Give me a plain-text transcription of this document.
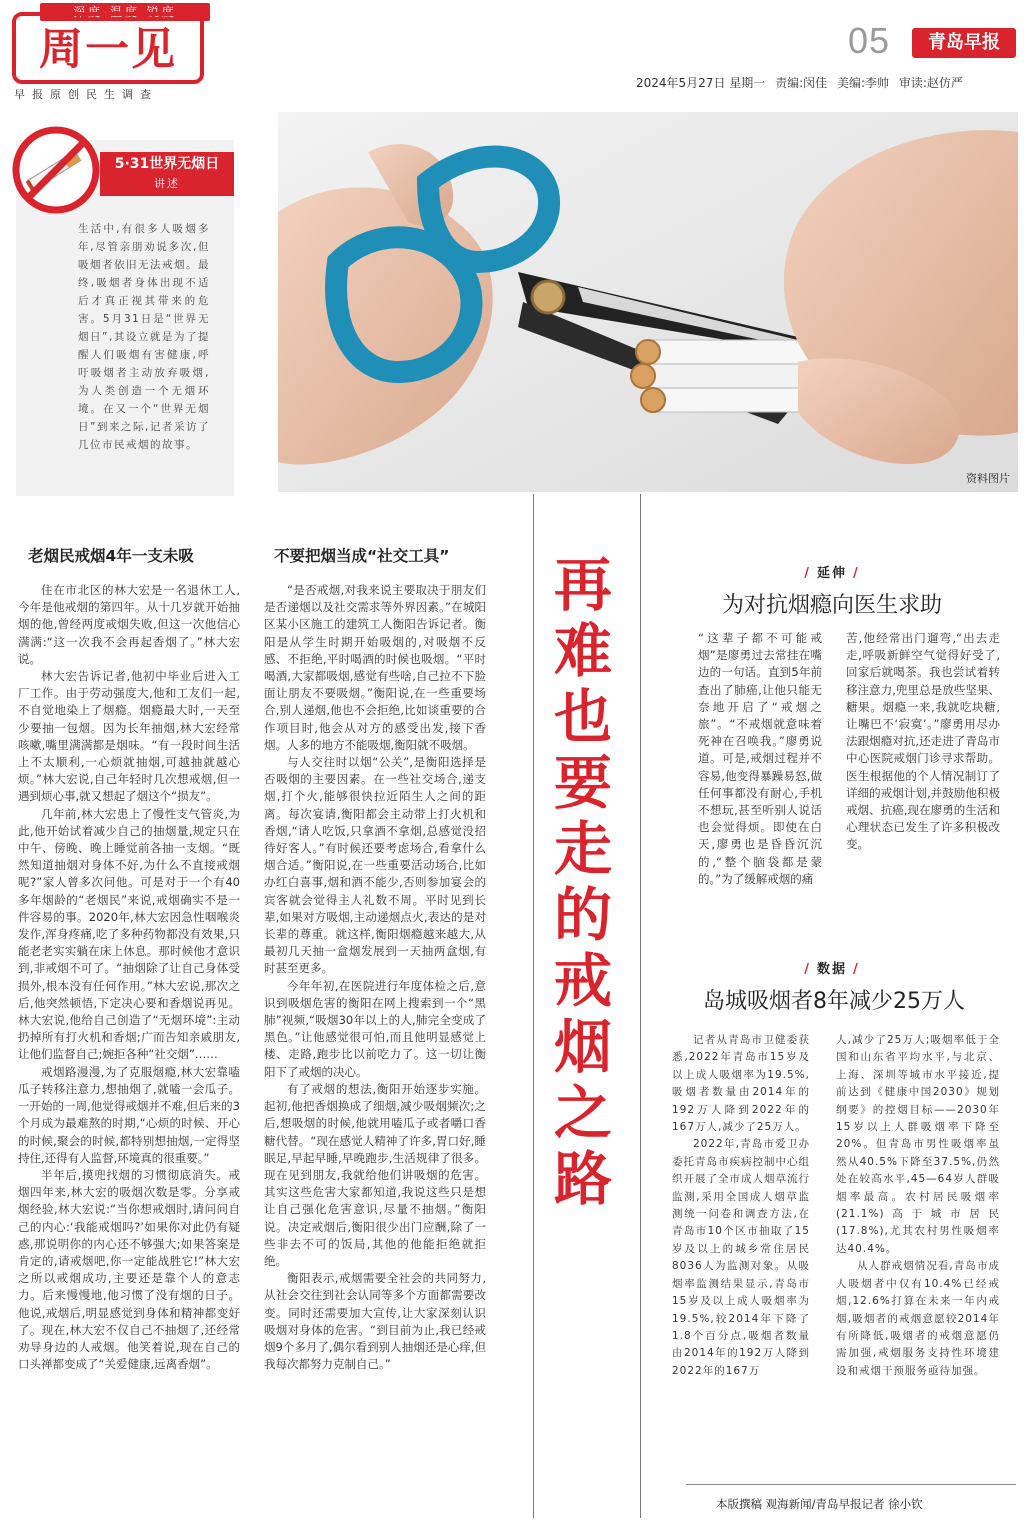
深度 温度 锐度
周一见
早报原创民生调查
05	青岛早报
2024年5月27日 星期一 责编:闵佳 美编:李帅 审读:赵仿严
5·31世界无烟日
讲述
生活中,有很多人吸烟多年,尽管亲朋劝说多次,但吸烟者依旧无法戒烟。最终,吸烟者身体出现不适后才真正视其带来的危害。5月31日是“世界无烟日”,其设立就是为了提醒人们吸烟有害健康,呼吁吸烟者主动放弃吸烟,为人类创造一个无烟环境。在又一个“世界无烟日”到来之际,记者采访了几位市民戒烟的故事。
资料图片
老烟民戒烟4年一支未吸

住在市北区的林大宏是一名退休工人,今年是他戒烟的第四年。从十几岁就开始抽烟的他,曾经两度戒烟失败,但这一次他信心满满:“这一次我不会再起香烟了。”林大宏说。

林大宏告诉记者,他初中毕业后进入工厂工作。由于劳动强度大,他和工友们一起,不自觉地染上了烟瘾。烟瘾最大时,一天至少要抽一包烟。因为长年抽烟,林大宏经常咳嗽,嘴里满满都是烟味。“有一段时间生活上不太顺利,一心烦就抽烟,可越抽就越心烦。”林大宏说,自己年轻时几次想戒烟,但一遇到烦心事,就又想起了烟这个“损友”。

几年前,林大宏患上了慢性支气管炎,为此,他开始试着减少自己的抽烟量,规定只在中午、傍晚、晚上睡觉前各抽一支烟。“既然知道抽烟对身体不好,为什么不直接戒烟呢?”家人曾多次问他。可是对于一个有40多年烟龄的“老烟民”来说,戒烟确实不是一件容易的事。2020年,林大宏因急性咽喉炎发作,浑身疼痛,吃了多种药物都没有效果,只能老老实实躺在床上休息。那时候他才意识到,非戒烟不可了。“抽烟除了让自己身体受损外,根本没有任何作用。”林大宏说,那次之后,他突然顿悟,下定决心要和香烟说再见。林大宏说,他给自己创造了“无烟环境”:主动扔掉所有打火机和香烟;广而告知亲戚朋友,让他们监督自己;婉拒各种“社交烟”……

戒烟路漫漫,为了克服烟瘾,林大宏靠嗑瓜子转移注意力,想抽烟了,就嗑一会瓜子。一开始的一周,他觉得戒烟并不难,但后来的3个月成为最难熬的时期,“心烦的时候、开心的时候,聚会的时候,都特别想抽烟,一定得坚持住,还得有人监督,环境真的很重要。”

半年后,摸兜找烟的习惯彻底消失。戒烟四年来,林大宏的吸烟次数是零。分享戒烟经验,林大宏说:“当你想戒烟时,请问问自己的内心:‘我能戒烟吗?’如果你对此仍有疑惑,那说明你的内心还不够强大;如果答案是肯定的,请戒烟吧,你一定能战胜它!”林大宏之所以戒烟成功,主要还是靠个人的意志力。后来慢慢地,他习惯了没有烟的日子。他说,戒烟后,明显感觉到身体和精神都变好了。现在,林大宏不仅自己不抽烟了,还经常劝导身边的人戒烟。他笑着说,现在自己的口头禅都变成了“关爱健康,远离香烟”。

不要把烟当成“社交工具”

“是否戒烟,对我来说主要取决于朋友们是否递烟以及社交需求等外界因素。”在城阳区某小区施工的建筑工人衡阳告诉记者。衡阳是从学生时期开始吸烟的,对吸烟不反感、不拒绝,平时喝酒的时候也吸烟。“平时喝酒,大家都吸烟,感觉有些啥,自己拉不下脸面让朋友不要吸烟。”衡阳说,在一些重要场合,别人递烟,他也不会拒绝,比如谈重要的合作项目时,他会从对方的感受出发,接下香烟。人多的地方不能吸烟,衡阳就不吸烟。

与人交往时以烟“公关”,是衡阳选择是否吸烟的主要因素。在一些社交场合,递支烟,打个火,能够很快拉近陌生人之间的距离。每次宴请,衡阳都会主动带上打火机和香烟,“请人吃饭,只拿酒不拿烟,总感觉没招待好客人。”有时候还要考虑场合,看拿什么烟合适。”衡阳说,在一些重要活动场合,比如办红白喜事,烟和酒不能少,否则参加宴会的宾客就会觉得主人礼数不周。平时见到长辈,如果对方吸烟,主动递烟点火,表达的是对长辈的尊重。就这样,衡阳烟瘾越来越大,从最初几天抽一盒烟发展到一天抽两盒烟,有时甚至更多。

今年年初,在医院进行年度体检之后,意识到吸烟危害的衡阳在网上搜索到一个“黑肺”视频,“吸烟30年以上的人,肺完全变成了黑色。”让他感觉很可怕,而且他明显感觉上楼、走路,跑步比以前吃力了。这一切让衡阳下了戒烟的决心。

有了戒烟的想法,衡阳开始逐步实施。起初,他把香烟换成了细烟,减少吸烟频次;之后,想吸烟的时候,他就用嗑瓜子或者嚼口香糖代替。“现在感觉人精神了许多,胃口好,睡眠足,早起早睡,早晚跑步,生活规律了很多。现在见到朋友,我就给他们讲吸烟的危害。其实这些危害大家都知道,我说这些只是想让自己强化危害意识,尽量不抽烟。”衡阳说。决定戒烟后,衡阳很少出门应酬,除了一些非去不可的饭局,其他的他能拒绝就拒绝。

衡阳表示,戒烟需要全社会的共同努力,从社会交往到社会认同等多个方面都需要改变。同时还需要加大宣传,让大家深刻认识吸烟对身体的危害。“到目前为止,我已经戒烟9个多月了,偶尔看到别人抽烟还是心痒,但我每次都努力克制自己。”

再难也要走的戒烟之路
/ 延伸 /
为对抗烟瘾向医生求助
“这辈子都不可能戒烟”是廖勇过去常挂在嘴边的一句话。直到5年前查出了肺癌,让他只能无奈地开启了“戒烟之旅”。“不戒烟就意味着死神在召唤我。”廖勇说道。可是,戒烟过程并不容易,他变得暴躁易怒,做任何事都没有耐心,手机不想玩,甚至听别人说话也会觉得烦。即使在白天,廖勇也是昏昏沉沉的,“整个脑袋都是蒙的。”为了缓解戒烟的痛
苦,他经常出门遛弯,“出去走走,呼吸新鲜空气觉得好受了,回家后就喝茶。我也尝试着转移注意力,兜里总是放些坚果、糖果。烟瘾一来,我就吃块糖,让嘴巴不‘寂寞’。”廖勇用尽办法跟烟瘾对抗,还走进了青岛市中心医院戒烟门诊寻求帮助。医生根据他的个人情况制订了详细的戒烟计划,并鼓励他积极戒烟、抗癌,现在廖勇的生活和心理状态已发生了许多积极改变。
/ 数据 /
岛城吸烟者8年减少25万人

记者从青岛市卫健委获悉,2022年青岛市15岁及以上成人吸烟率为19.5%,吸烟者数量由2014年的192万人降到2022年的167万人,减少了25万人。

2022年,青岛市爱卫办委托青岛市疾病控制中心组织开展了全市成人烟草流行监测,采用全国成人烟草监测统一问卷和调查方法,在青岛市10个区市抽取了15岁及以上的城乡常住居民8036人为监测对象。从吸烟率监测结果显示,青岛市15岁及以上成人吸烟率为19.5%,较2014年下降了1.8个百分点,吸烟者数量由2014年的192万人降到2022年的167万

人,减少了25万人;吸烟率低于全国和山东省平均水平,与北京、上海、深圳等城市水平接近,提前达到《健康中国2030》规划纲要》的控烟目标——2030年15岁以上人群吸烟率下降至20%。但青岛市男性吸烟率虽然从40.5%下降至37.5%,仍然处在较高水平,45—64岁人群吸烟率最高。农村居民吸烟率(21.1%)高于城市居民(17.8%),尤其农村男性吸烟率达40.4%。

从人群戒烟情况看,青岛市成人吸烟者中仅有10.4%已经戒烟,12.6%打算在未来一年内戒烟,吸烟者的戒烟意愿较2014年有所降低,吸烟者的戒烟意愿仍需加强,戒烟服务支持性环境建设和戒烟干预服务亟待加强。

本版撰稿 观海新闻/青岛早报记者 徐小钦
